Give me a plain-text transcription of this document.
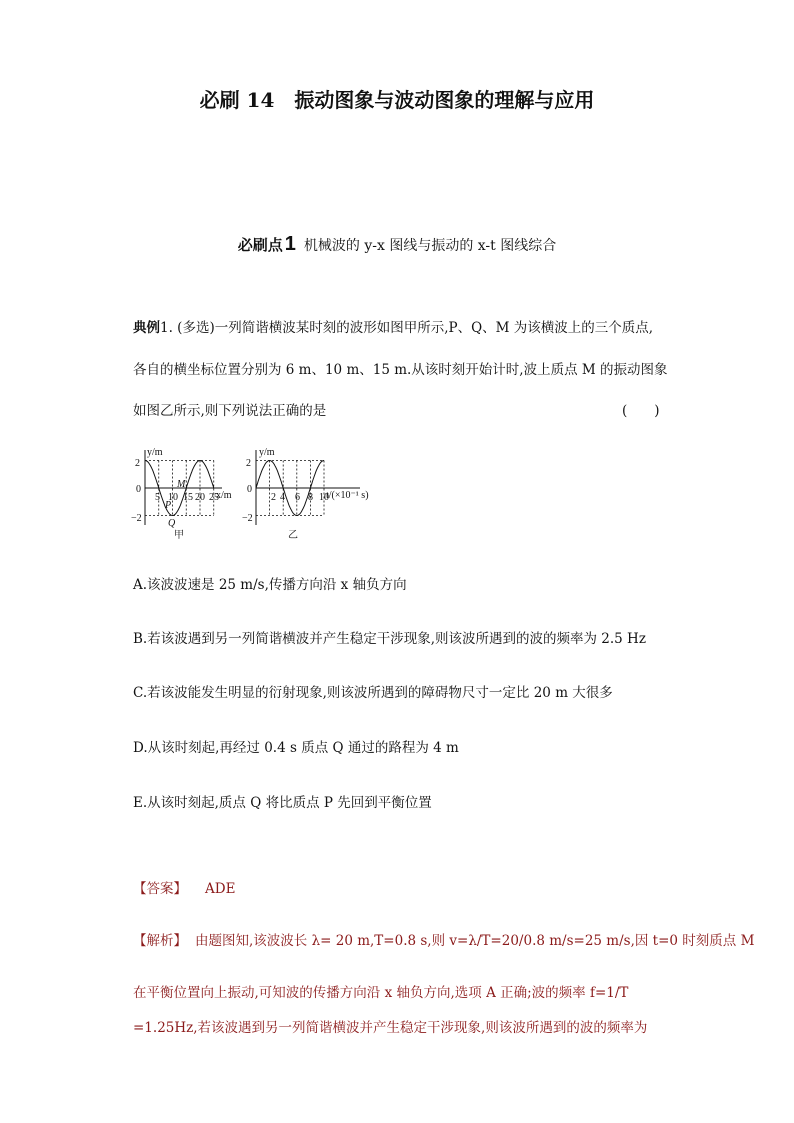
必刷 14　振动图象与波动图象的理解与应用
必刷点 1 机械波的 y-x 图线与振动的 x-t 图线综合
典例1. (多选)一列简谐横波某时刻的波形如图甲所示,P、Q、M 为该横波上的三个质点,
各自的横坐标位置分别为 6 m、10 m、15 m.从该时刻开始计时,波上质点 M 的振动图象
如图乙所示,则下列说法正确的是	(　　)
y/m
x/m
2
0
−2
5 10 15 20 25
P
Q
M
甲
y/m
t/(×10⁻¹ s)
2
0
−2
2 4 6 8 10
乙
A.该波波速是 25 m/s,传播方向沿 x 轴负方向
B.若该波遇到另一列简谐横波并产生稳定干涉现象,则该波所遇到的波的频率为 2.5 Hz
C.若该波能发生明显的衍射现象,则该波所遇到的障碍物尺寸一定比 20 m 大很多
D.从该时刻起,再经过 0.4 s 质点 Q 通过的路程为 4 m
E.从该时刻起,质点 Q 将比质点 P 先回到平衡位置
【答案】 ADE
【解析】 由题图知,该波波长 λ= 20 m,T=0.8 s,则 v=λ/T=20/0.8 m/s=25 m/s,因 t=0 时刻质点 M
在平衡位置向上振动,可知波的传播方向沿 x 轴负方向,选项 A 正确;波的频率 f=1/T
=1.25Hz,若该波遇到另一列简谐横波并产生稳定干涉现象,则该波所遇到的波的频率为
